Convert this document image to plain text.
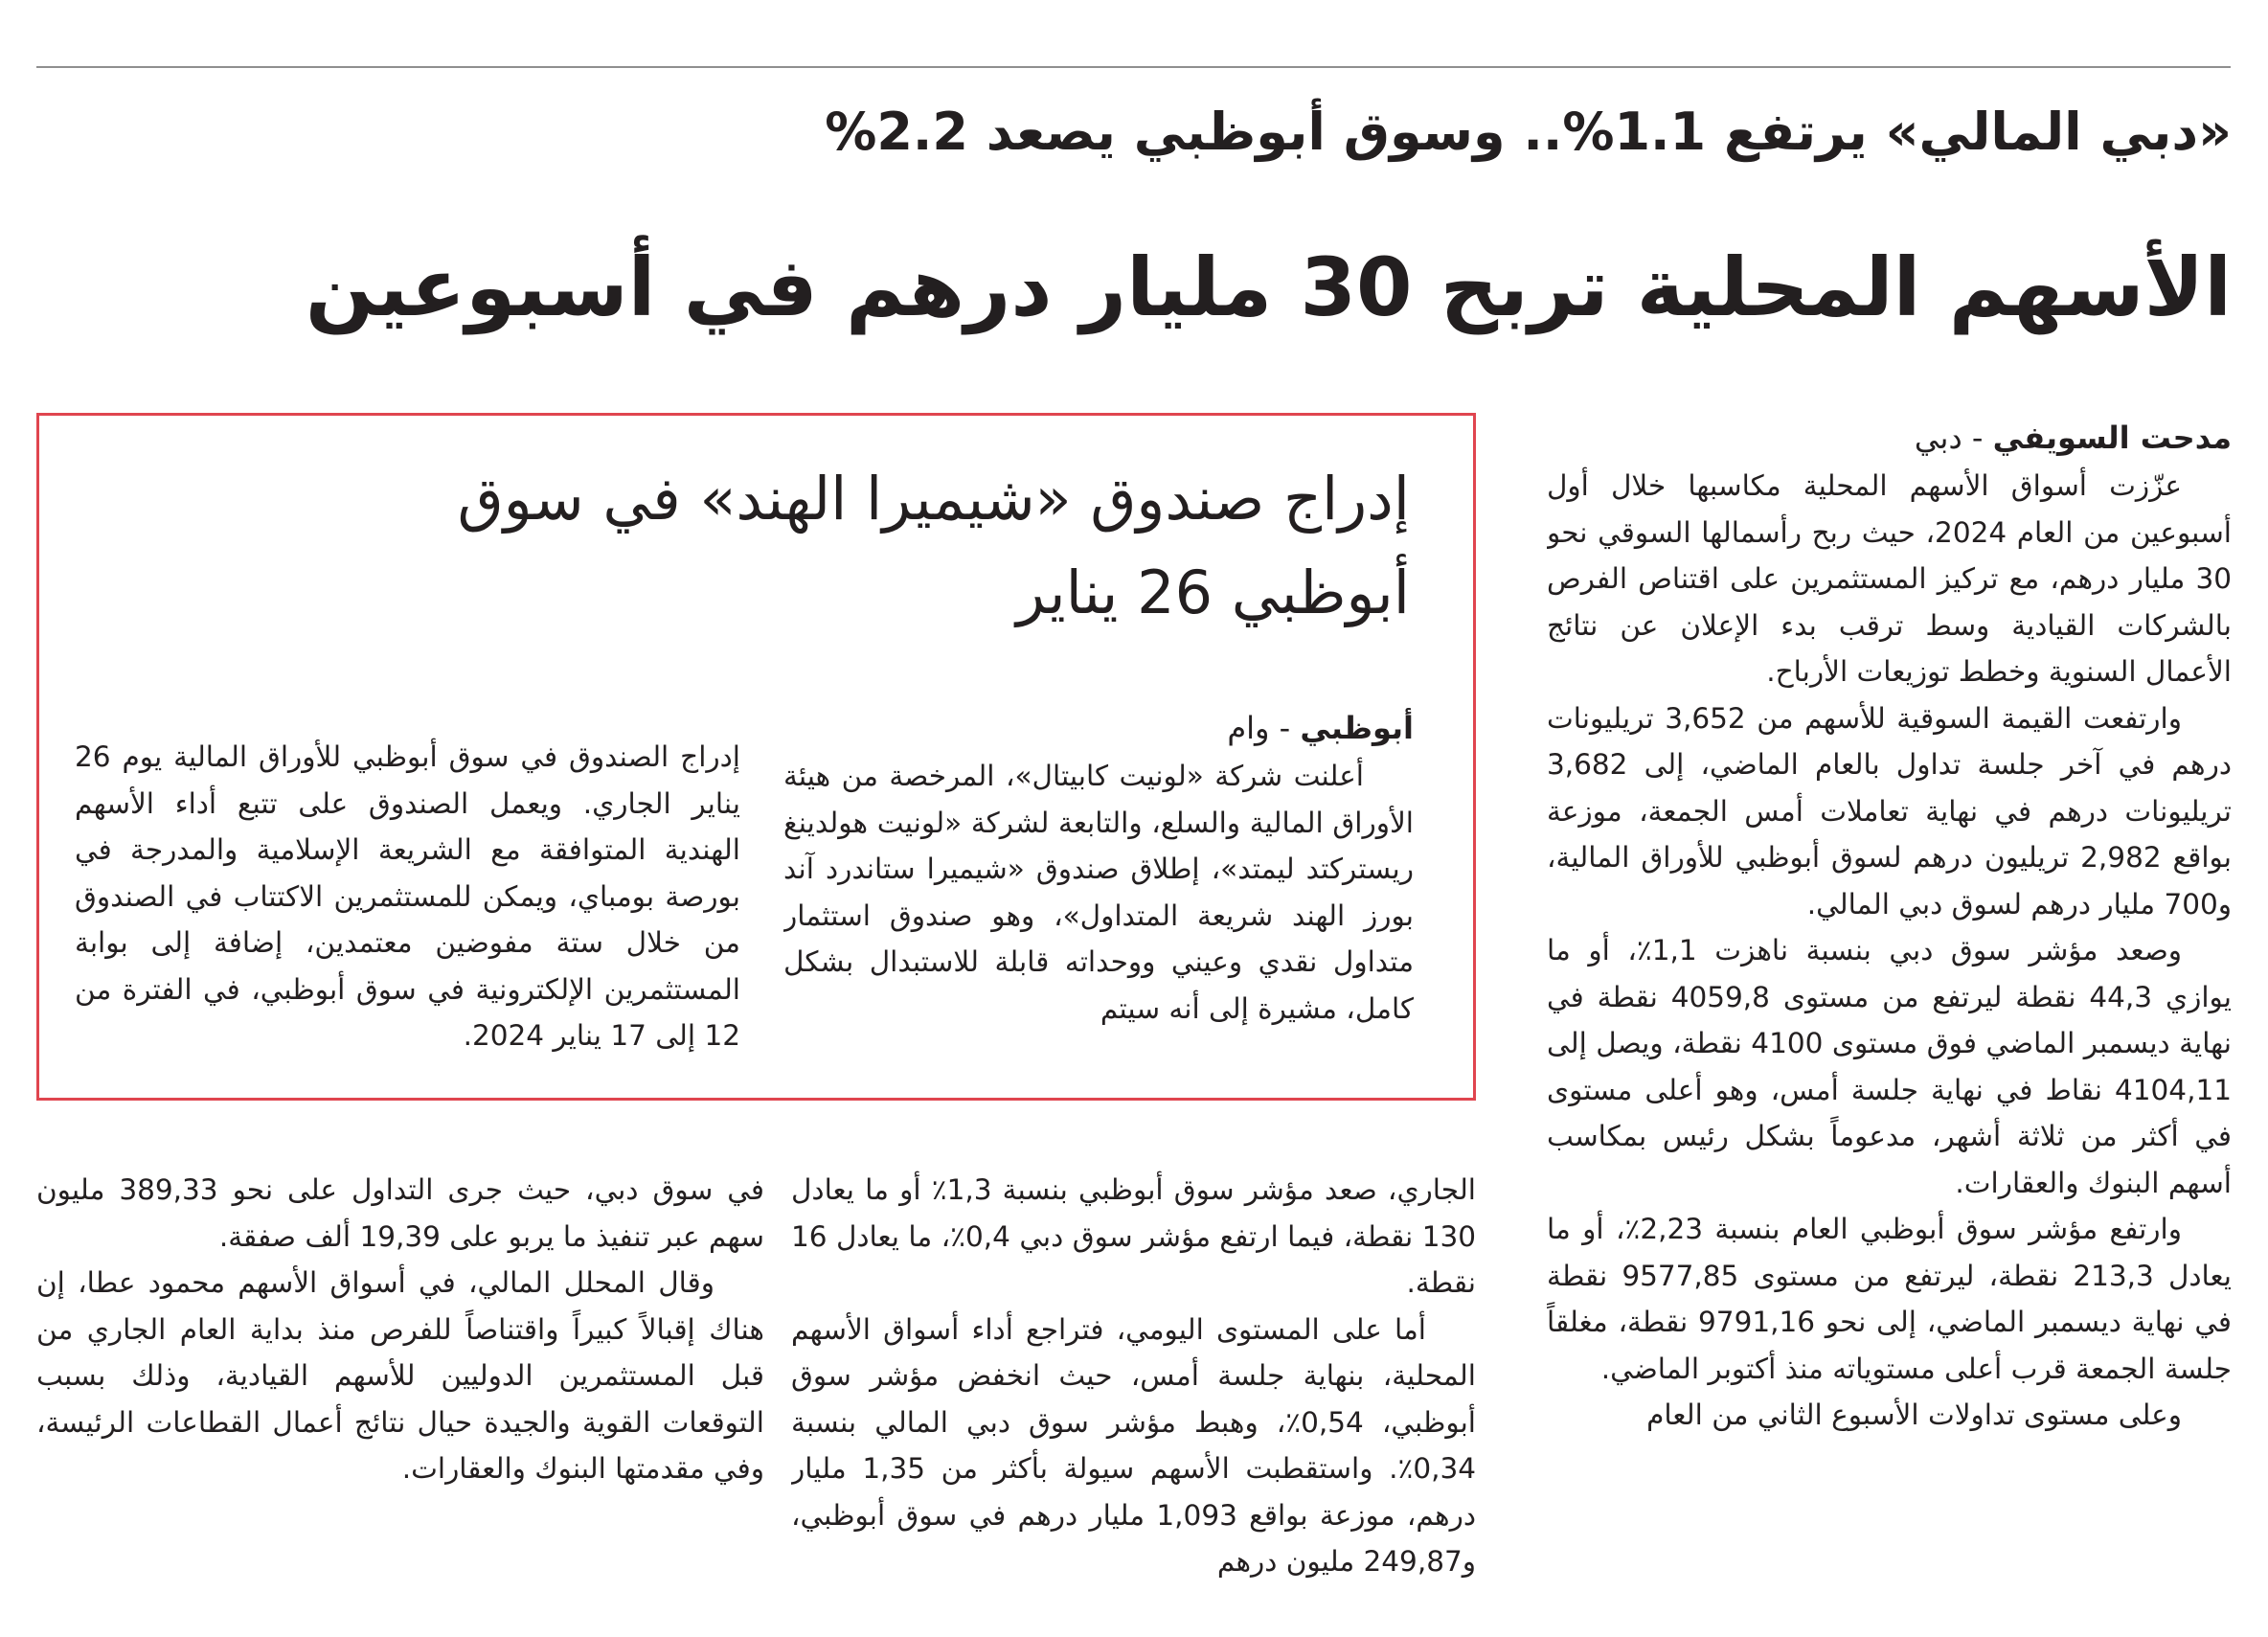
«دبي المالي» يرتفع 1.1%.. وسوق أبوظبي يصعد 2.2%
الأسهم المحلية تربح 30 مليار درهم في أسبوعين

مدحت السويفي - دبي

عزّزت أسواق الأسهم المحلية مكاسبها خلال أول أسبوعين من العام 2024، حيث ربح رأسمالها السوقي نحو 30 مليار درهم، مع تركيز المستثمرين على اقتناص الفرص بالشركات القيادية وسط ترقب بدء الإعلان عن نتائج الأعمال السنوية وخطط توزيعات الأرباح.

وارتفعت القيمة السوقية للأسهم من 3,652 تريليونات درهم في آخر جلسة تداول بالعام الماضي، إلى 3,682 تريليونات درهم في نهاية تعاملات أمس الجمعة، موزعة بواقع 2,982 تريليون درهم لسوق أبوظبي للأوراق المالية، و700 مليار درهم لسوق دبي المالي.

وصعد مؤشر سوق دبي بنسبة ناهزت 1,1٪، أو ما يوازي 44,3 نقطة ليرتفع من مستوى 4059,8 نقطة في نهاية ديسمبر الماضي فوق مستوى 4100 نقطة، ويصل إلى 4104,11 نقاط في نهاية جلسة أمس، وهو أعلى مستوى في أكثر من ثلاثة أشهر، مدعوماً بشكل رئيس بمكاسب أسهم البنوك والعقارات.

وارتفع مؤشر سوق أبوظبي العام بنسبة 2,23٪، أو ما يعادل 213,3 نقطة، ليرتفع من مستوى 9577,85 نقطة في نهاية ديسمبر الماضي، إلى نحو 9791,16 نقطة، مغلقاً جلسة الجمعة قرب أعلى مستوياته منذ أكتوبر الماضي.

وعلى مستوى تداولات الأسبوع الثاني من العام

إدراج صندوق «شيميرا الهند» في سوق
أبوظبي 26 يناير

أبوظبي - وام

أعلنت شركة «لونيت كابيتال»، المرخصة من هيئة الأوراق المالية والسلع، والتابعة لشركة «لونيت هولدينغ ريستركتد ليمتد»، إطلاق صندوق «شيميرا ستاندرد آند بورز الهند شريعة المتداول»، وهو صندوق استثمار متداول نقدي وعيني ووحداته قابلة للاستبدال بشكل كامل، مشيرة إلى أنه سيتم

إدراج الصندوق في سوق أبوظبي للأوراق المالية يوم 26 يناير الجاري. ويعمل الصندوق على تتبع أداء الأسهم الهندية المتوافقة مع الشريعة الإسلامية والمدرجة في بورصة بومباي، ويمكن للمستثمرين الاكتتاب في الصندوق من خلال ستة مفوضين معتمدين، إضافة إلى بوابة المستثمرين الإلكترونية في سوق أبوظبي، في الفترة من 12 إلى 17 يناير 2024.

الجاري، صعد مؤشر سوق أبوظبي بنسبة 1,3٪ أو ما يعادل 130 نقطة، فيما ارتفع مؤشر سوق دبي 0,4٪، ما يعادل 16 نقطة.

أما على المستوى اليومي، فتراجع أداء أسواق الأسهم المحلية، بنهاية جلسة أمس، حيث انخفض مؤشر سوق أبوظبي، 0,54٪، وهبط مؤشر سوق دبي المالي بنسبة 0,34٪. واستقطبت الأسهم سيولة بأكثر من 1,35 مليار درهم، موزعة بواقع 1,093 مليار درهم في سوق أبوظبي، و249,87 مليون درهم

في سوق دبي، حيث جرى التداول على نحو 389,33 مليون سهم عبر تنفيذ ما يربو على 19,39 ألف صفقة.

وقال المحلل المالي، في أسواق الأسهم محمود عطا، إن هناك إقبالاً كبيراً واقتناصاً للفرص منذ بداية العام الجاري من قبل المستثمرين الدوليين للأسهم القيادية، وذلك بسبب التوقعات القوية والجيدة حيال نتائج أعمال القطاعات الرئيسة، وفي مقدمتها البنوك والعقارات.
